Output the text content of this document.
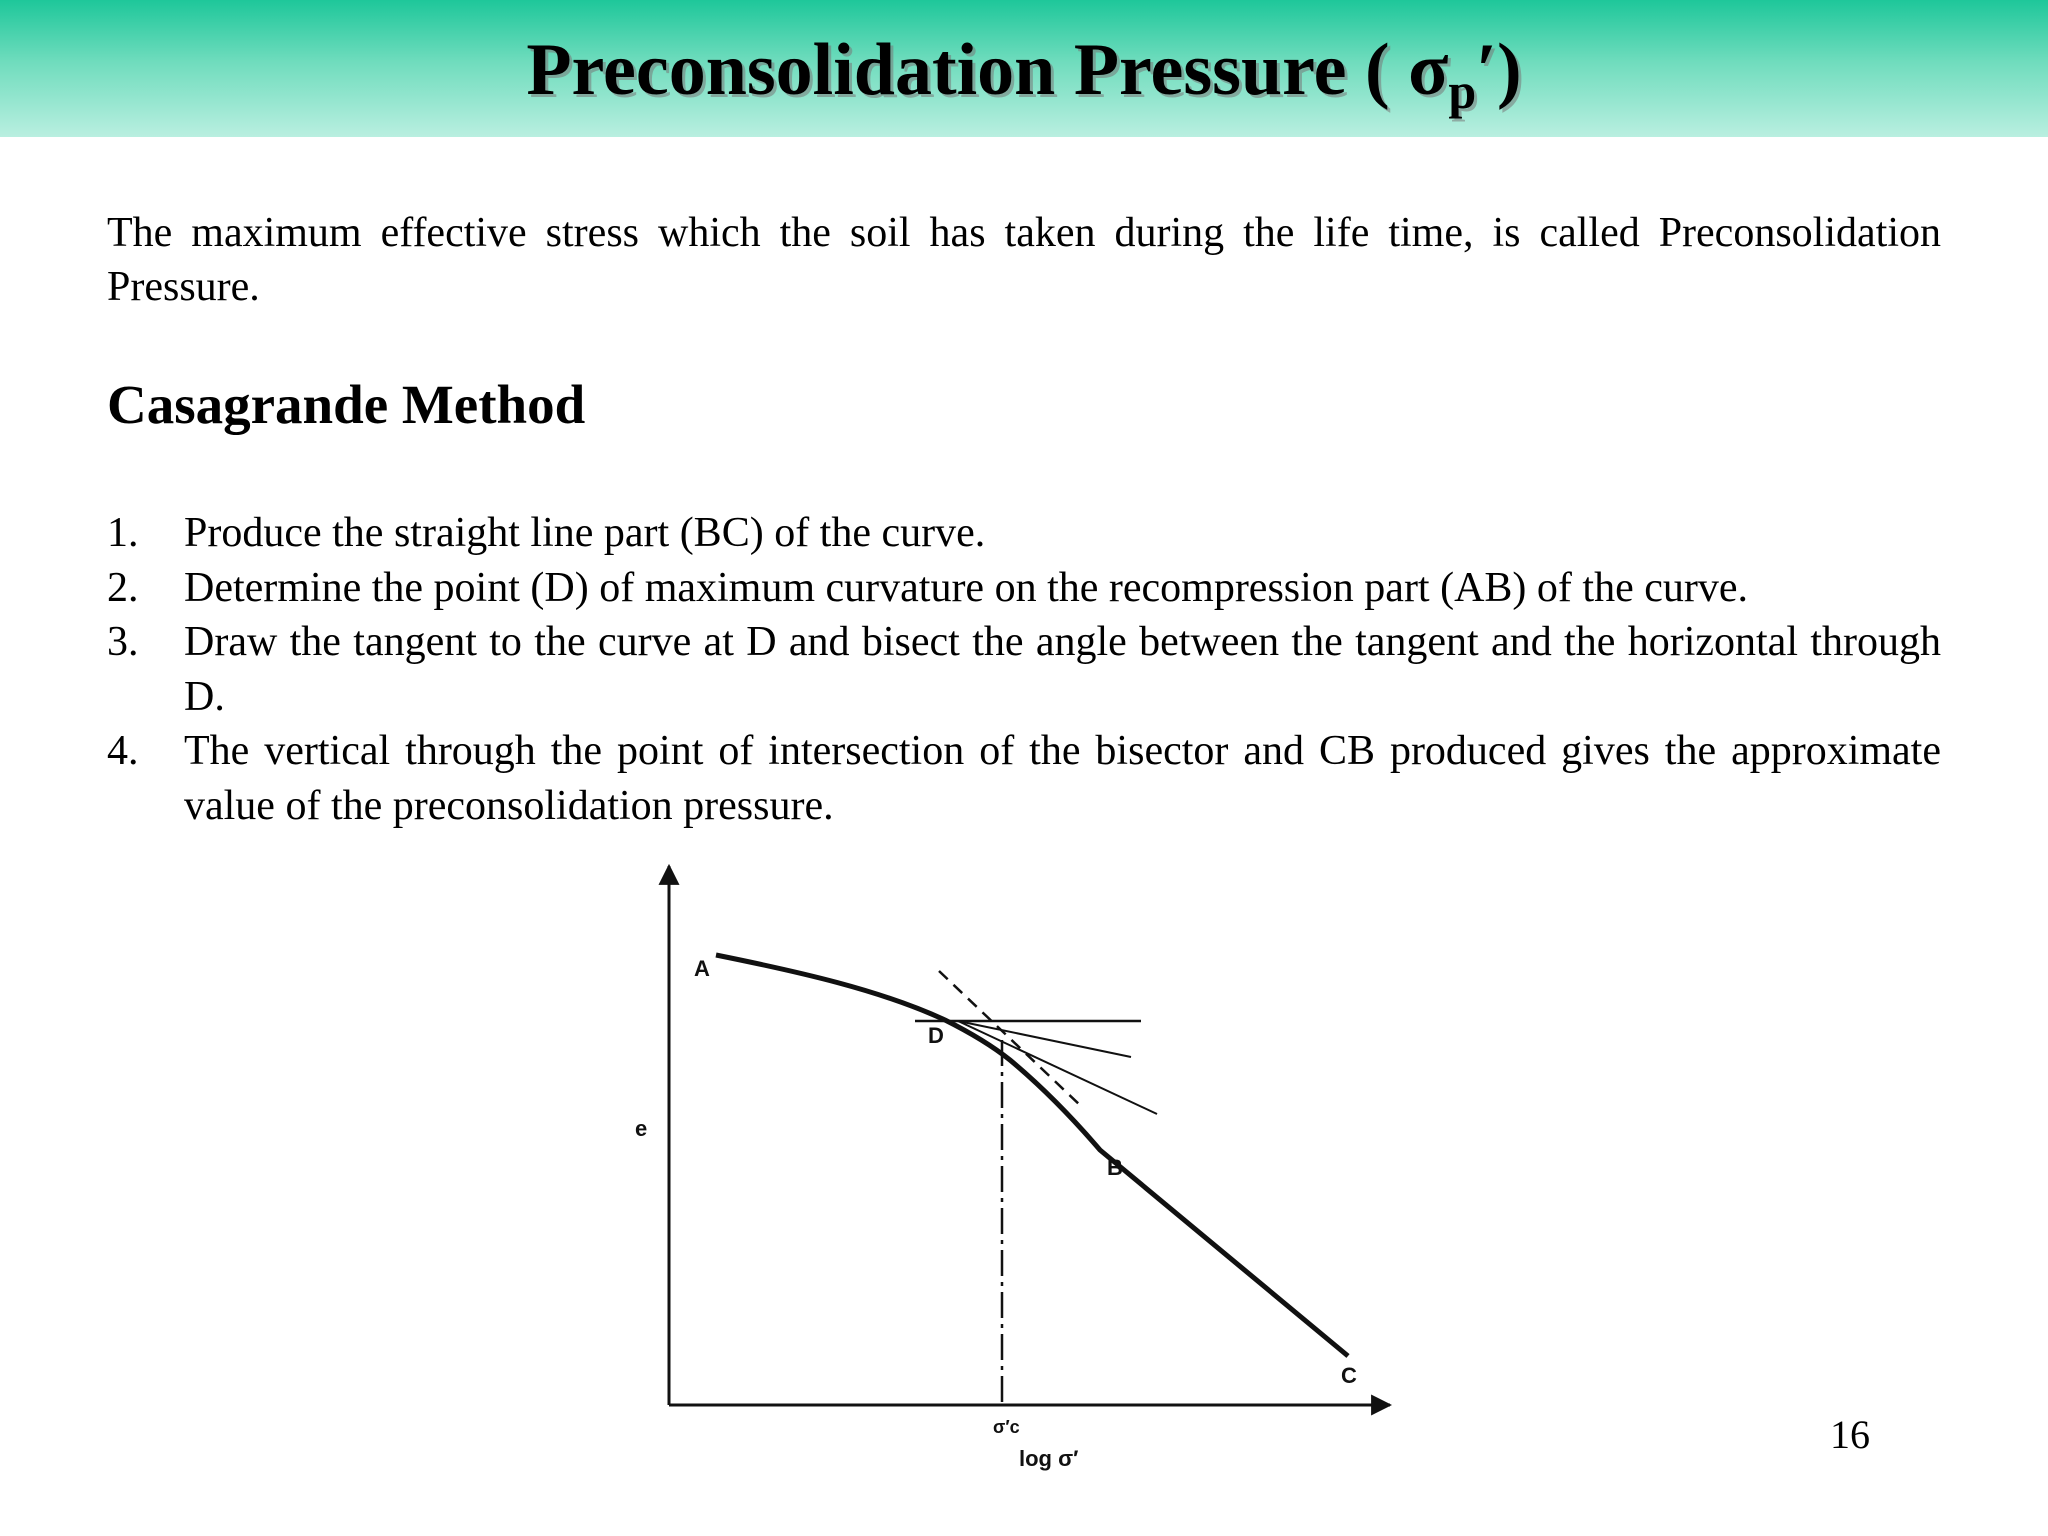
Preconsolidation Pressure ( σp′)

The maximum effective stress which the soil has taken during the life time, is called Preconsolidation Pressure.

Casagrande Method
1. Produce the straight line part (BC) of the curve.
2. Determine the point (D) of maximum curvature on the recompression part (AB) of the curve.
3. Draw the tangent to the curve at D and bisect the angle between the tangent and the horizontal through D.
4. The vertical through the point of intersection of the bisector and CB produced gives the approximate value of the preconsolidation pressure.
A
D
B
C
e
σ′c
log σ′
16
